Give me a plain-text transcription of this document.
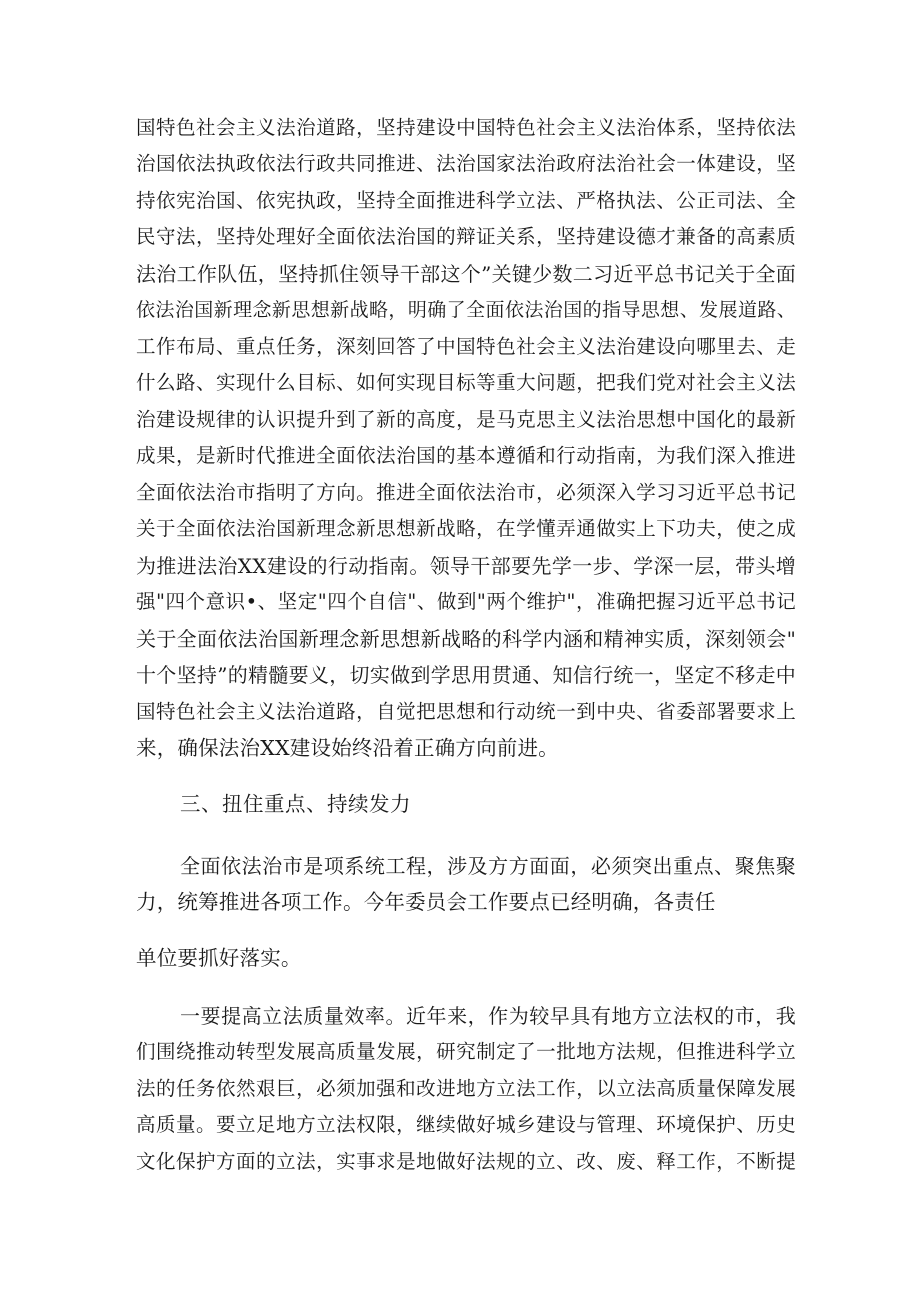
国特色社会主义法治道路，坚持建设中国特色社会主义法治体系，坚持依法
治国依法执政依法行政共同推进、法治国家法治政府法治社会一体建设，坚
持依宪治国、依宪执政，坚持全面推进科学立法、严格执法、公正司法、全
民守法，坚持处理好全面依法治国的辩证关系，坚持建设德才兼备的高素质
法治工作队伍，坚持抓住领导干部这个”关键少数二习近平总书记关于全面
依法治国新理念新思想新战略，明确了全面依法治国的指导思想、发展道路、
工作布局、重点任务，深刻回答了中国特色社会主义法治建设向哪里去、走
什么路、实现什么目标、如何实现目标等重大问题，把我们党对社会主义法
治建设规律的认识提升到了新的高度，是马克思主义法治思想中国化的最新
成果，是新时代推进全面依法治国的基本遵循和行动指南，为我们深入推进
全面依法治市指明了方向。推进全面依法治市，必须深入学习习近平总书记
关于全面依法治国新理念新思想新战略，在学懂弄通做实上下功夫，使之成
为推进法治XX建设的行动指南。领导干部要先学一步、学深一层，带头增
强"四个意识•、坚定"四个自信"、做到"两个维护"，准确把握习近平总书记
关于全面依法治国新理念新思想新战略的科学内涵和精神实质，深刻领会"
十个坚持”的精髓要义，切实做到学思用贯通、知信行统一，坚定不移走中
国特色社会主义法治道路，自觉把思想和行动统一到中央、省委部署要求上
来，确保法治XX建设始终沿着正确方向前进。
三、扭住重点、持续发力
全面依法治市是项系统工程，涉及方方面面，必须突出重点、聚焦聚
力，统筹推进各项工作。今年委员会工作要点已经明确，各责任
单位要抓好落实。
一要提高立法质量效率。近年来，作为较早具有地方立法权的市，我
们围绕推动转型发展高质量发展，研究制定了一批地方法规，但推进科学立
法的任务依然艰巨，必须加强和改进地方立法工作，以立法高质量保障发展
高质量。要立足地方立法权限，继续做好城乡建设与管理、环境保护、历史
文化保护方面的立法，实事求是地做好法规的立、改、废、释工作，不断提
